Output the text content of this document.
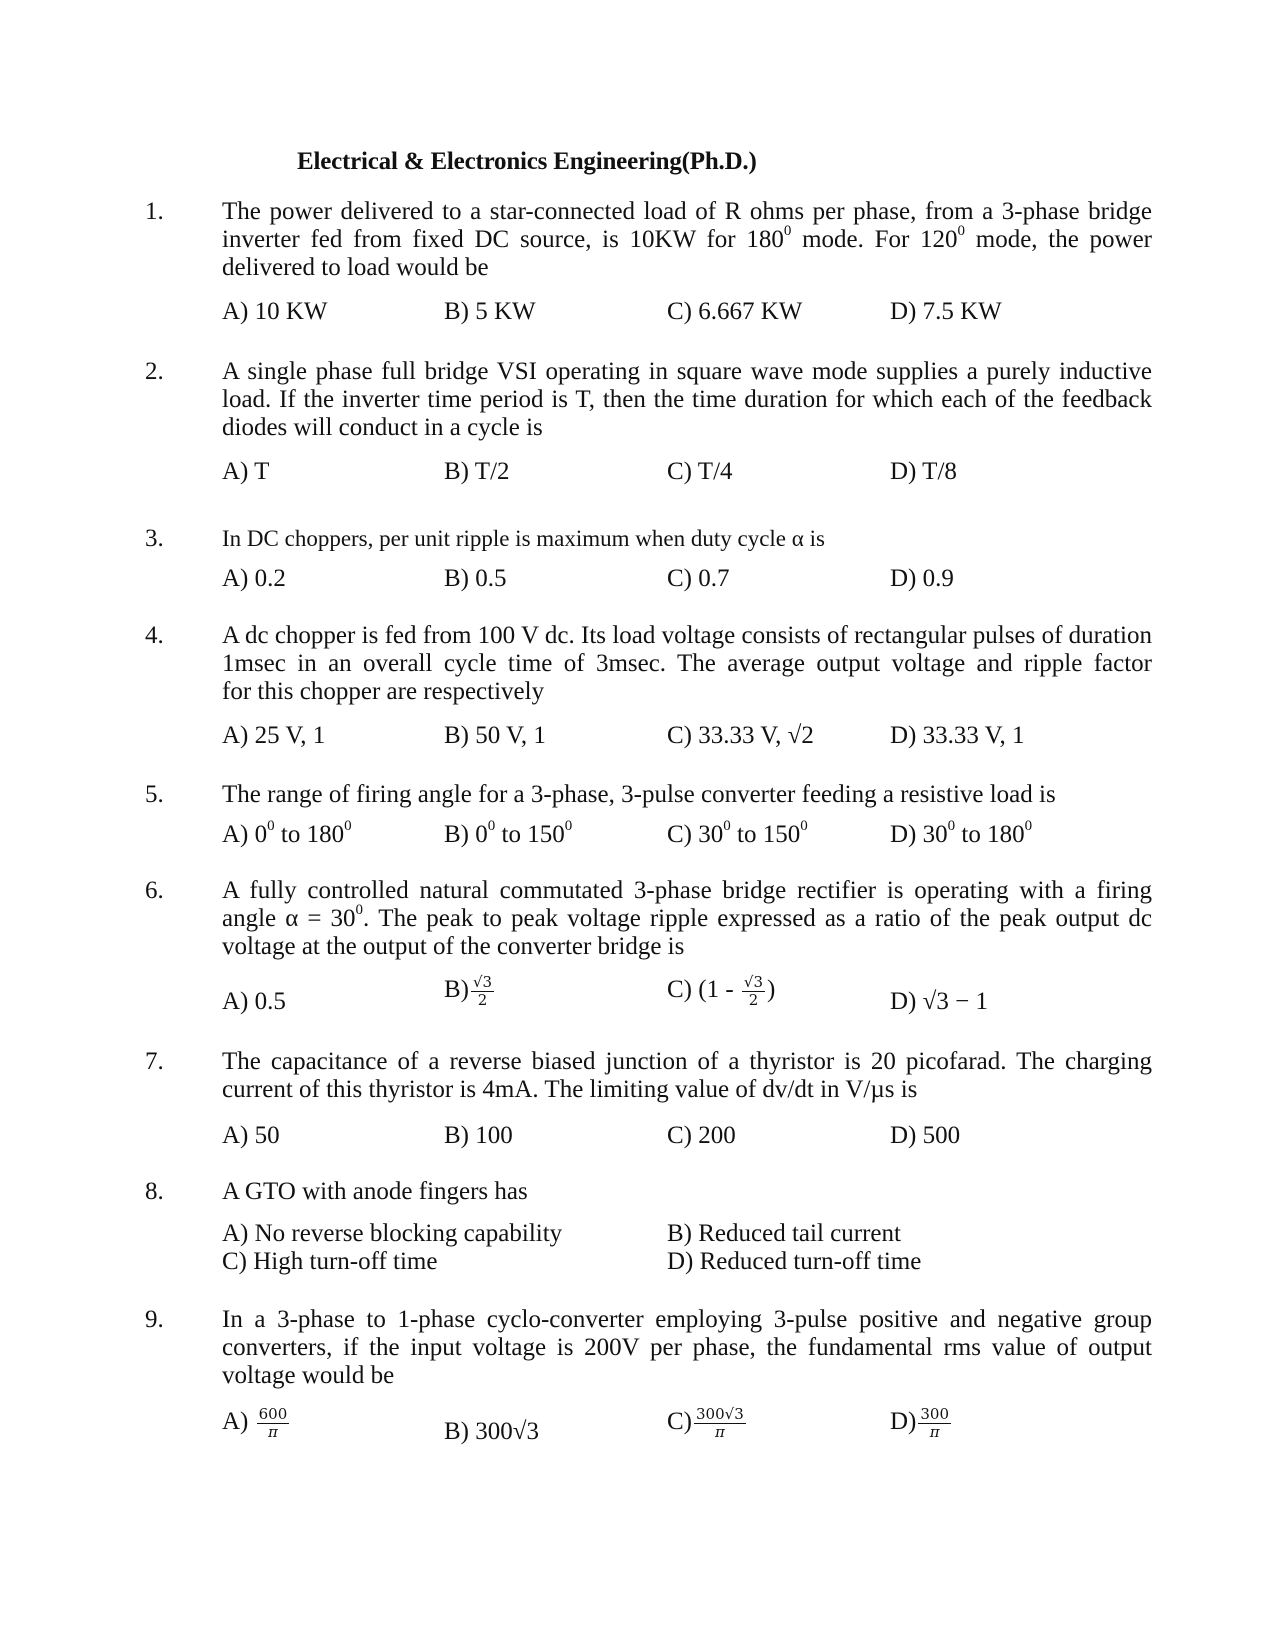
Electrical & Electronics Engineering(Ph.D.)
1. The power delivered to a star-connected load of R ohms per phase, from a 3-phase bridge inverter fed from fixed DC source, is 10KW for $180^0$ mode. For $120^0$ mode, the power delivered to load would be
A) 10 KW	B) 5 KW	C) 6.667 KW	D) 7.5 KW
2. A single phase full bridge VSI operating in square wave mode supplies a purely inductive load. If the inverter time period is T, then the time duration for which each of the feedback diodes will conduct in a cycle is
A) T	B) T/2	C) T/4	D) T/8
3.	In DC choppers, per unit ripple is maximum when duty cycle α is
A) 0.2	B) 0.5	C) 0.7	D) 0.9
4. A dc chopper is fed from 100 V dc. Its load voltage consists of rectangular pulses of duration 1msec in an overall cycle time of 3msec. The average output voltage and ripple factor       for this chopper are respectively
A) 25 V, 1	B) 50 V, 1	C) 33.33 V, √2	D) 33.33 V, 1
5. The range of firing angle for a 3-phase, 3-pulse converter feeding a resistive load is
A) $0^0$ to $180^0$	B) $0^0$ to $150^0$	C) $30^0$ to $150^0$	D) $30^0$ to $180^0$
6. A fully controlled natural commutated 3-phase bridge rectifier is operating with a firing angle $\alpha = 30^0$. The peak to peak voltage ripple expressed as a ratio of the peak output dc voltage at the output of the converter bridge is
A) 0.5	$B) \frac{√3}{2}$	C) ($1 - \frac{√3}{2}$ )	D) √3 − 1
7. The capacitance of a reverse biased junction of a thyristor is 20 picofarad. The charging current of this thyristor is 4mA. The limiting value of dv/dt in V/µs is
A) 50	B) 100	C) 200	D) 500
8. A GTO with anode fingers has
A) No reverse blocking capability	B) Reduced tail current
C) High turn-off time	D) Reduced turn-off time
9. In a 3-phase to 1-phase cyclo-converter employing 3-pulse positive and negative group converters, if the input voltage is 200V per phase, the fundamental rms value of output voltage would be
$A) \frac{600}{\pi}$	B) 300√3	$C) \frac{300√3}{\pi}$	$D) \frac{300}{\pi}$
